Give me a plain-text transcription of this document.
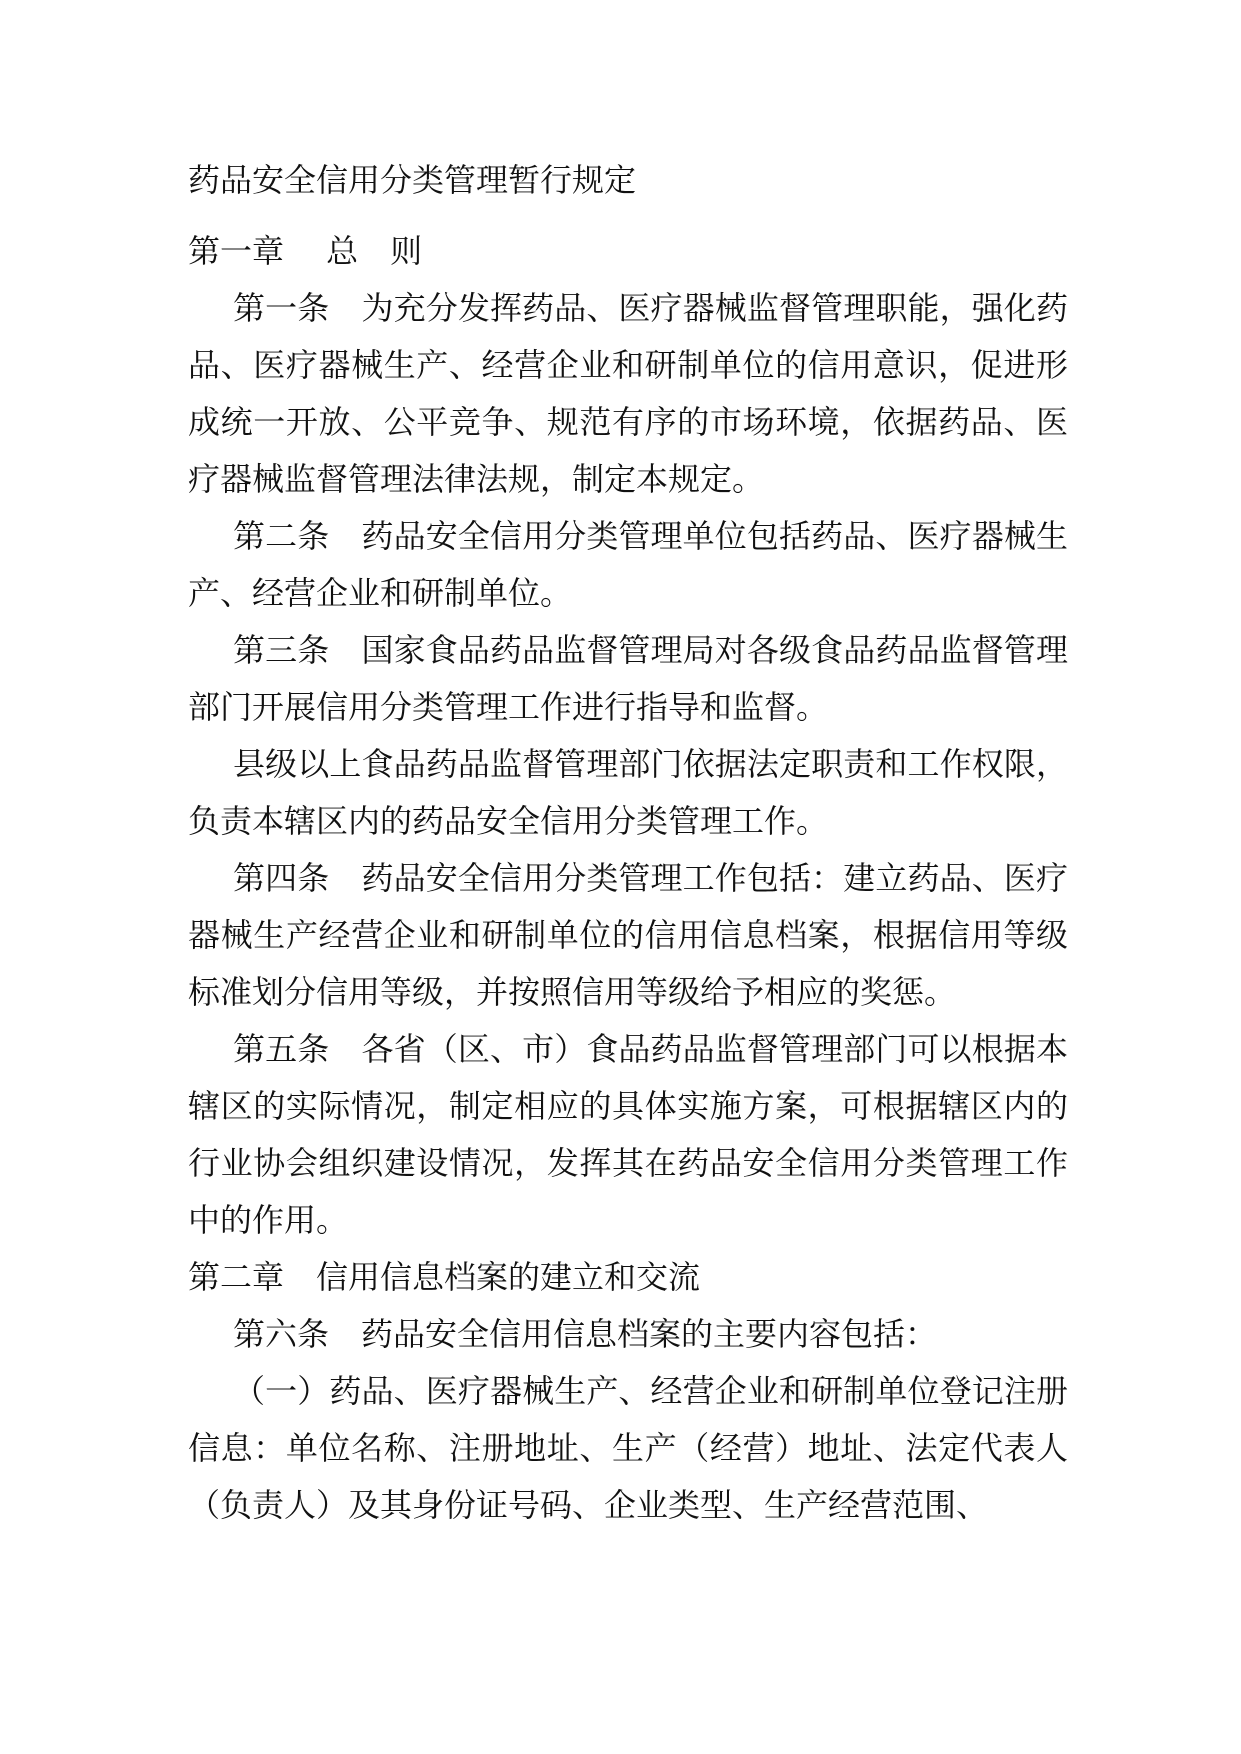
药品安全信用分类管理暂行规定
第一章　 总　则

第一条　为充分发挥药品、医疗器械监督管理职能，强化药品、医疗器械生产、经营企业和研制单位的信用意识，促进形成统一开放、公平竞争、规范有序的市场环境，依据药品、医疗器械监督管理法律法规，制定本规定。

第二条　药品安全信用分类管理单位包括药品、医疗器械生产、经营企业和研制单位。

第三条　国家食品药品监督管理局对各级食品药品监督管理部门开展信用分类管理工作进行指导和监督。

县级以上食品药品监督管理部门依据法定职责和工作权限，负责本辖区内的药品安全信用分类管理工作。

第四条　药品安全信用分类管理工作包括：建立药品、医疗器械生产经营企业和研制单位的信用信息档案，根据信用等级标准划分信用等级，并按照信用等级给予相应的奖惩。

第五条　各省（区、市）食品药品监督管理部门可以根据本辖区的实际情况，制定相应的具体实施方案，可根据辖区内的行业协会组织建设情况，发挥其在药品安全信用分类管理工作中的作用。

第二章　信用信息档案的建立和交流

第六条　药品安全信用信息档案的主要内容包括：

（一）药品、医疗器械生产、经营企业和研制单位登记注册信息：单位名称、注册地址、生产（经营）地址、法定代表人（负责人）及其身份证号码、企业类型、生产经营范围、
